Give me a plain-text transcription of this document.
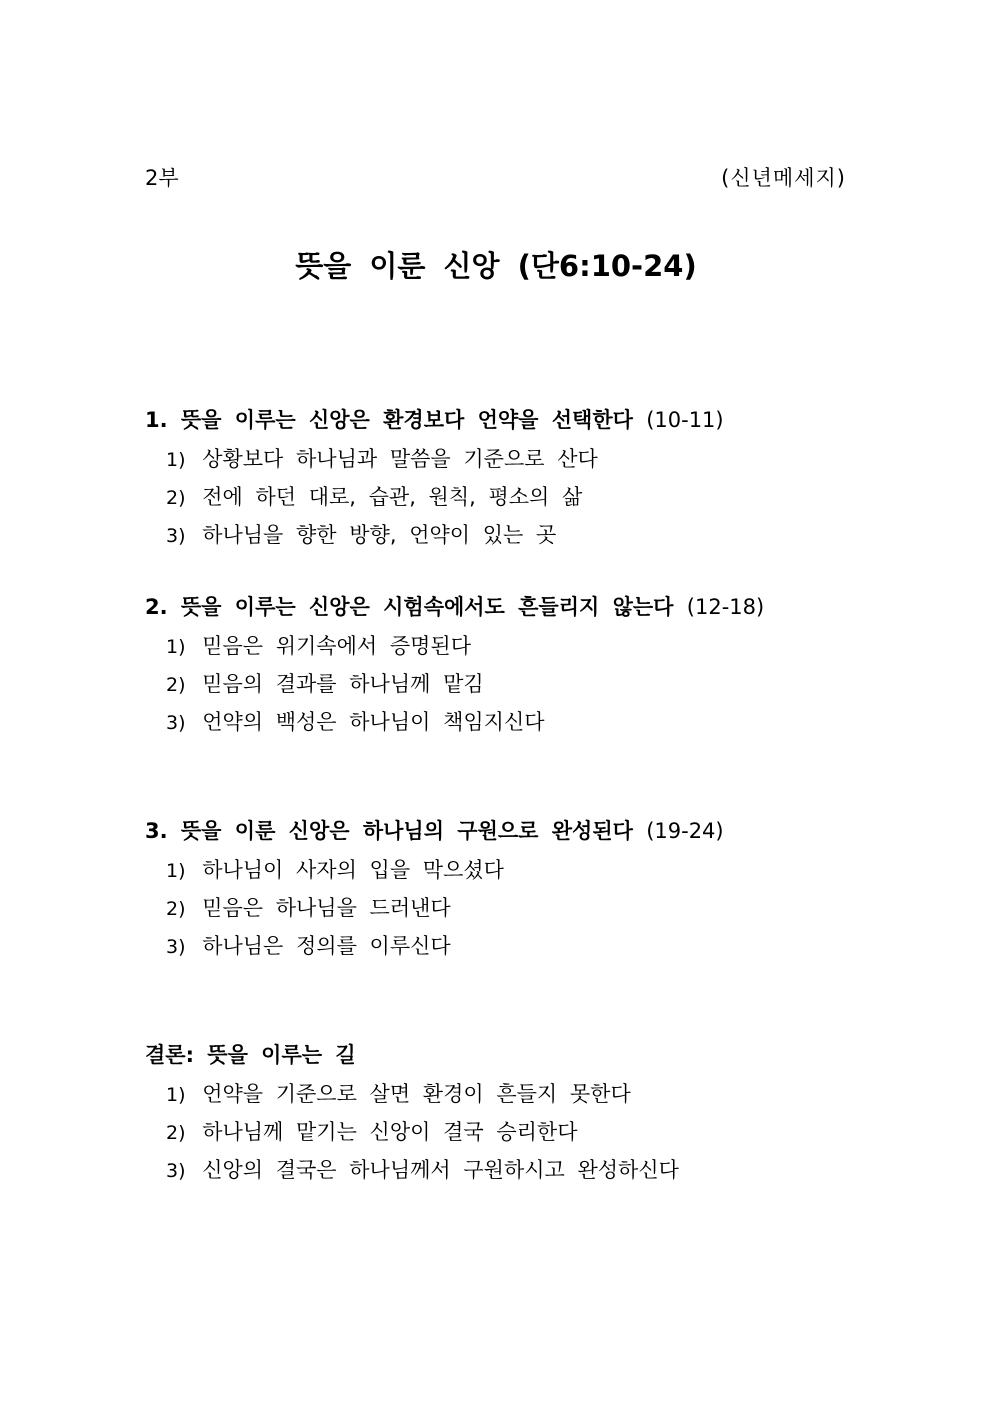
2부	(신년메세지)
뜻을 이룬 신앙 (단6:10-24)
1. 뜻을 이루는 신앙은 환경보다 언약을 선택한다 (10-11)
1) 상황보다 하나님과 말씀을 기준으로 산다
2) 전에 하던 대로, 습관, 원칙, 평소의 삶
3) 하나님을 향한 방향, 언약이 있는 곳
2. 뜻을 이루는 신앙은 시험속에서도 흔들리지 않는다 (12-18)
1) 믿음은 위기속에서 증명된다
2) 믿음의 결과를 하나님께 맡김
3) 언약의 백성은 하나님이 책임지신다
3. 뜻을 이룬 신앙은 하나님의 구원으로 완성된다 (19-24)
1) 하나님이 사자의 입을 막으셨다
2) 믿음은 하나님을 드러낸다
3) 하나님은 정의를 이루신다
결론: 뜻을 이루는 길
1) 언약을 기준으로 살면 환경이 흔들지 못한다
2) 하나님께 맡기는 신앙이 결국 승리한다
3) 신앙의 결국은 하나님께서 구원하시고 완성하신다
